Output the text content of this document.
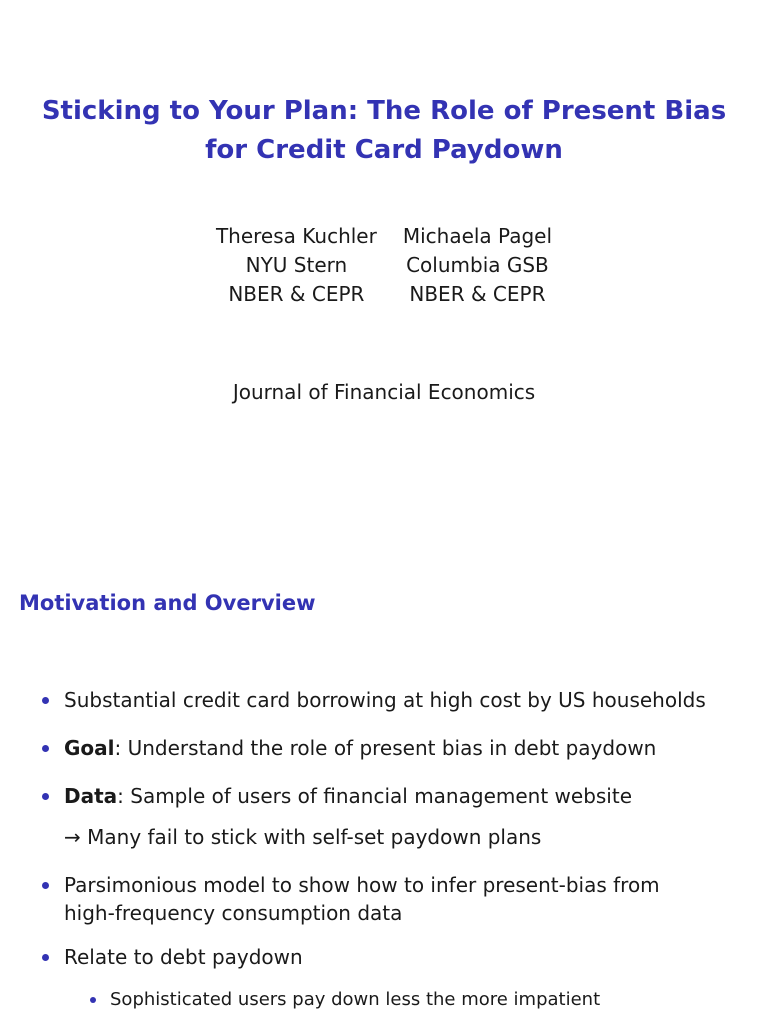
Sticking to Your Plan: The Role of Present Bias
for Credit Card Paydown
Theresa Kuchler
NYU Stern
NBER & CEPR
Michaela Pagel
Columbia GSB
NBER & CEPR
Journal of Financial Economics
Motivation and Overview
Substantial credit card borrowing at high cost by US households
Goal: Understand the role of present bias in debt paydown
Data: Sample of users of financial management website
→ Many fail to stick with self-set paydown plans
Parsimonious model to show how to infer present-bias from
high-frequency consumption data
Relate to debt paydown
Sophisticated users pay down less the more impatient
